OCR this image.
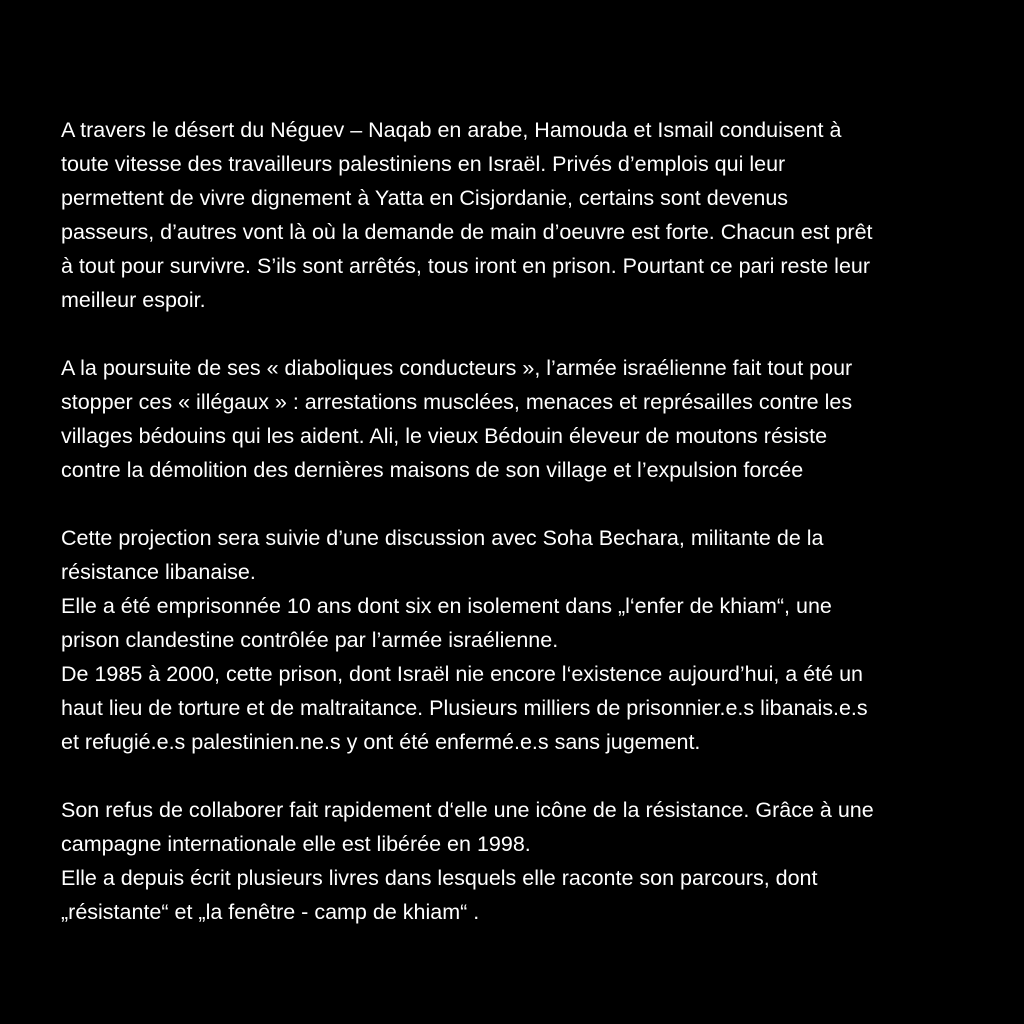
A travers le désert du Néguev – Naqab en arabe, Hamouda et Ismail conduisent à
toute vitesse des travailleurs palestiniens en Israël. Privés d’emplois qui leur
permettent de vivre dignement à Yatta en Cisjordanie, certains sont devenus
passeurs, d’autres vont là où la demande de main d’oeuvre est forte. Chacun est prêt
à tout pour survivre. S’ils sont arrêtés, tous iront en prison. Pourtant ce pari reste leur
meilleur espoir.

A la poursuite de ses « diaboliques conducteurs », l’armée israélienne fait tout pour
stopper ces « illégaux » : arrestations musclées, menaces et représailles contre les
villages bédouins qui les aident. Ali, le vieux Bédouin éleveur de moutons résiste
contre la démolition des dernières maisons de son village et l’expulsion forcée

Cette projection sera suivie d’une discussion avec Soha Bechara, militante de la
résistance libanaise.
Elle a été emprisonnée 10 ans dont six en isolement dans „l‘enfer de khiam“, une
prison clandestine contrôlée par l’armée israélienne.
De 1985 à 2000, cette prison, dont Israël nie encore l‘existence aujourd’hui, a été un
haut lieu de torture et de maltraitance. Plusieurs milliers de prisonnier.e.s libanais.e.s
et refugié.e.s palestinien.ne.s y ont été enfermé.e.s sans jugement.

Son refus de collaborer fait rapidement d‘elle une icône de la résistance. Grâce à une
campagne internationale elle est libérée en 1998.
Elle a depuis écrit plusieurs livres dans lesquels elle raconte son parcours, dont
„résistante“ et „la fenêtre - camp de khiam“ .
